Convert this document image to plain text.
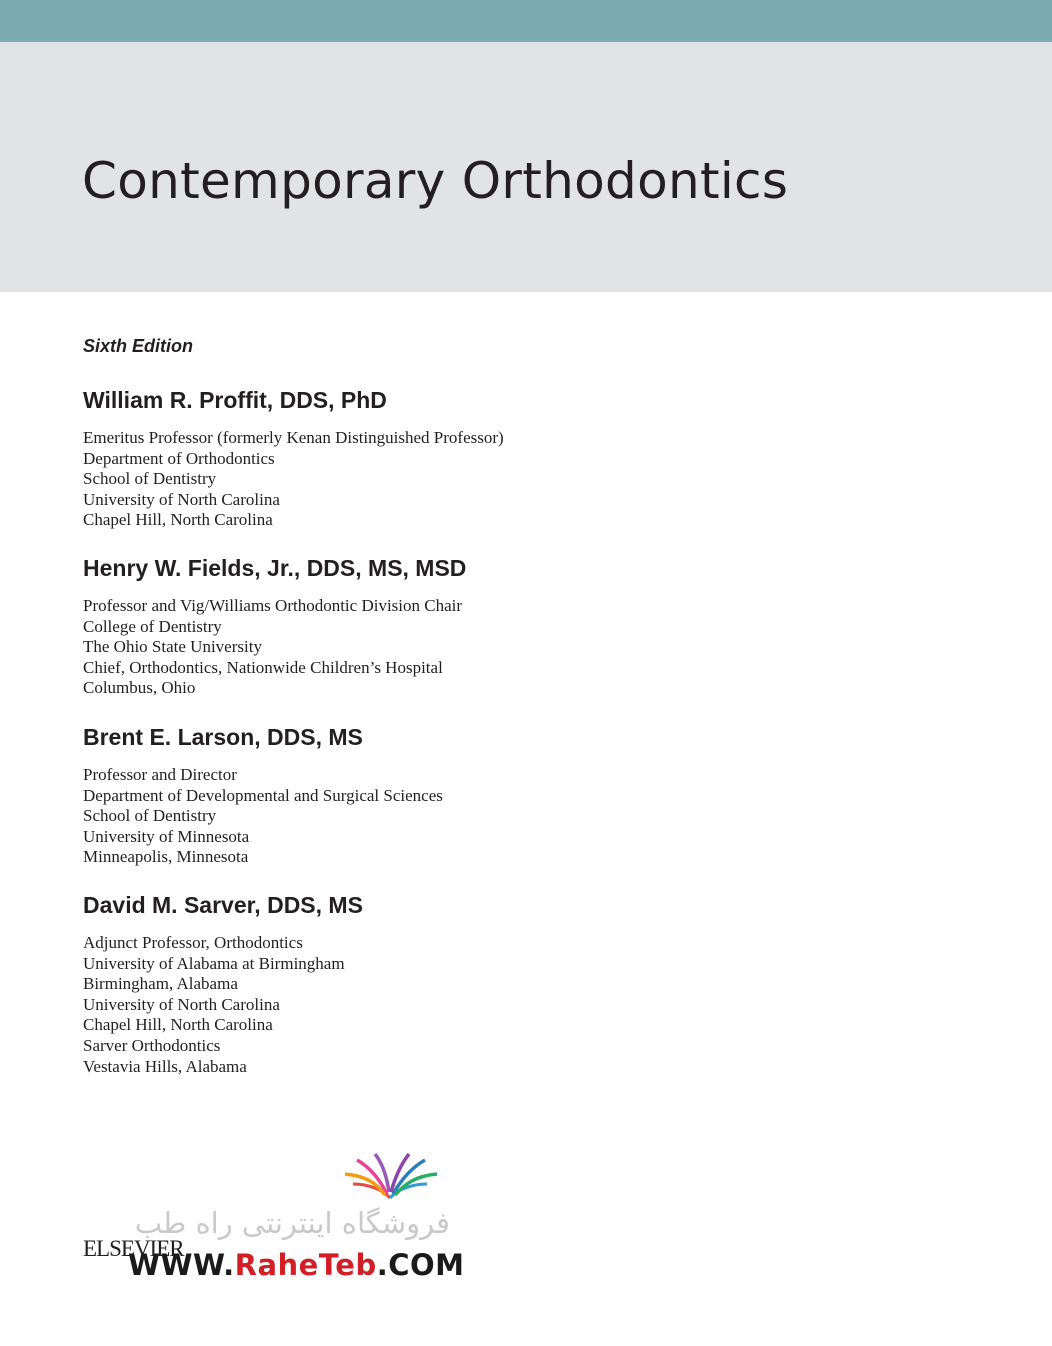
Contemporary Orthodontics

Sixth Edition

William R. Proffit, DDS, PhD
Emeritus Professor (formerly Kenan Distinguished Professor)
Department of Orthodontics
School of Dentistry
University of North Carolina
Chapel Hill, North Carolina
Henry W. Fields, Jr., DDS, MS, MSD
Professor and Vig/Williams Orthodontic Division Chair
College of Dentistry
The Ohio State University
Chief, Orthodontics, Nationwide Children’s Hospital
Columbus, Ohio
Brent E. Larson, DDS, MS
Professor and Director
Department of Developmental and Surgical Sciences
School of Dentistry
University of Minnesota
Minneapolis, Minnesota
David M. Sarver, DDS, MS
Adjunct Professor, Orthodontics
University of Alabama at Birmingham
Birmingham, Alabama
University of North Carolina
Chapel Hill, North Carolina
Sarver Orthodontics
Vestavia Hills, Alabama

ELSEVIER

فروشگاه اینترنتی راه طب
WWW.RaheTeb.COM
